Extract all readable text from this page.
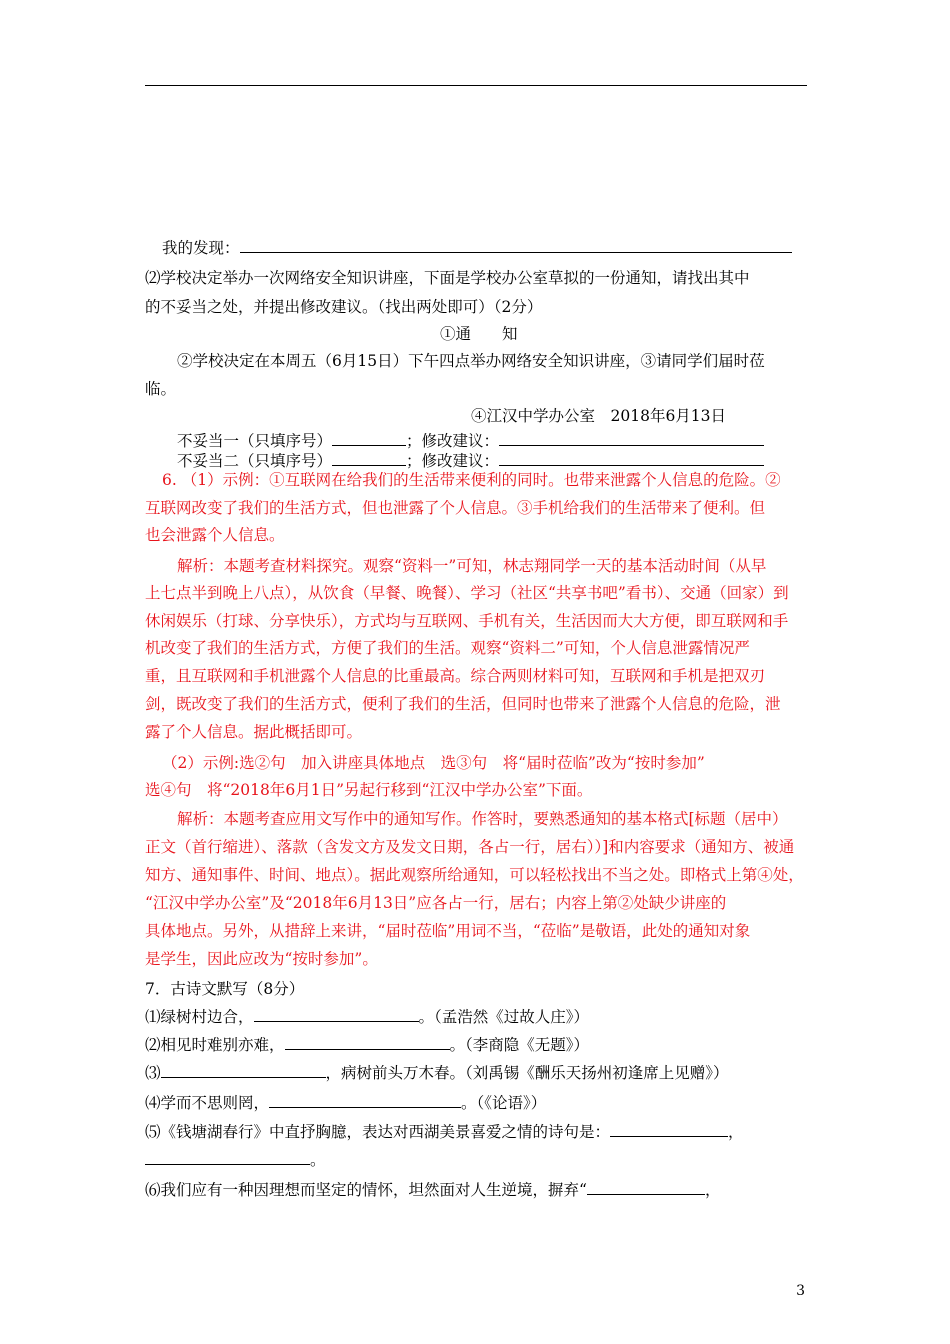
我的发现：
⑵学校决定举办一次网络安全知识讲座，下面是学校办公室草拟的一份通知，请找出其中
的不妥当之处，并提出修改建议。（找出两处即可）（2分）
①通　　知
②学校决定在本周五（6月15日）下午四点举办网络安全知识讲座，③请同学们届时莅
临。
④江汉中学办公室　2018年6月13日
不妥当一（只填序号）	；修改建议：
不妥当二（只填序号）	；修改建议：
6. （1）示例：①互联网在给我们的生活带来便利的同时。也带来泄露个人信息的危险。②
互联网改变了我们的生活方式，但也泄露了个人信息。③手机给我们的生活带来了便利。但
也会泄露个人信息。
解析：本题考查材料探究。观察“资料一”可知，林志翔同学一天的基本活动时间（从早
上七点半到晚上八点），从饮食（早餐、晚餐）、学习（社区“共享书吧”看书）、交通（回家）到
休闲娱乐（打球、分享快乐），方式均与互联网、手机有关，生活因而大大方便，即互联网和手
机改变了我们的生活方式，方便了我们的生活。观察“资料二”可知，个人信息泄露情况严
重，且互联网和手机泄露个人信息的比重最高。综合两则材料可知，互联网和手机是把双刃
剑，既改变了我们的生活方式，便利了我们的生活，但同时也带来了泄露个人信息的危险，泄
露了个人信息。据此概括即可。
（2）示例:选②句　加入讲座具体地点　选③句　将“届时莅临”改为“按时参加”
选④句　将“2018年6月1日”另起行移到“江汉中学办公室”下面。
解析：本题考查应用文写作中的通知写作。作答时，要熟悉通知的基本格式[标题（居中）
正文（首行缩进）、落款（含发文方及发文日期，各占一行，居右））]和内容要求（通知方、被通
知方、通知事件、时间、地点）。据此观察所给通知，可以轻松找出不当之处。即格式上第④处，
“江汉中学办公室”及“2018年6月13日”应各占一行，居右；内容上第②处缺少讲座的
具体地点。另外，从措辞上来讲，“届时莅临”用词不当，“莅临”是敬语，此处的通知对象
是学生，因此应改为“按时参加”。
7．古诗文默写（8分）
⑴绿树村边合，	。（孟浩然《过故人庄》）
⑵相见时难别亦难，	。（李商隐《无题》）
⑶	，病树前头万木春。（刘禹锡《酬乐天扬州初逢席上见赠》）
⑷学而不思则罔，	。（《论语》）
⑸《钱塘湖春行》中直抒胸臆，表达对西湖美景喜爱之情的诗句是：	，
。
⑹我们应有一种因理想而坚定的情怀，坦然面对人生逆境，摒弃“	，
3
